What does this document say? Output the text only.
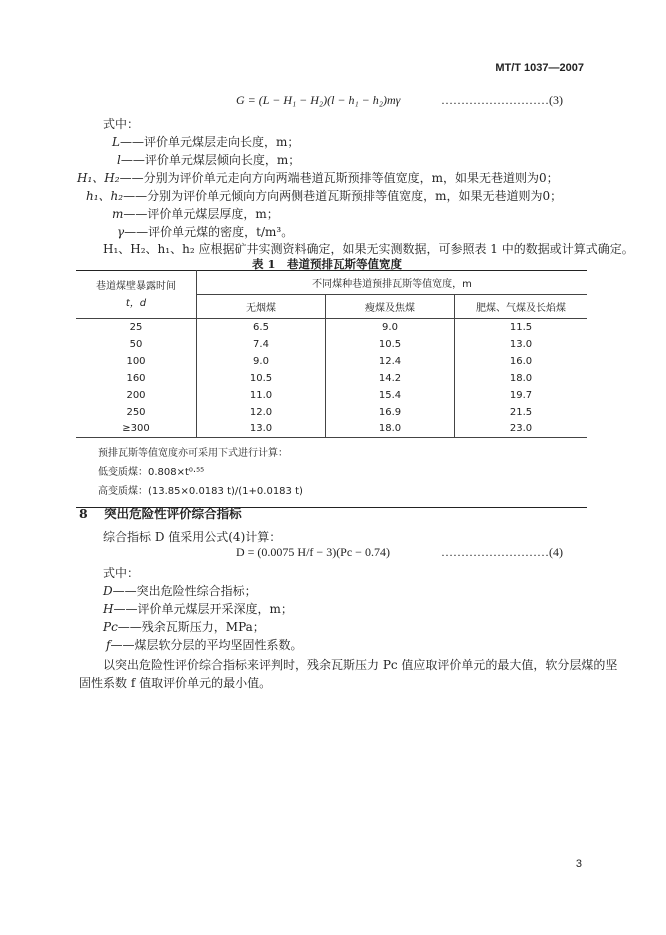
MT/T 1037—2007
G = (L − H₁ − H₂)(l − h₁ − h₂)mγ	………………………(3)
式中：
L——评价单元煤层走向长度，m；
l——评价单元煤层倾向长度，m；
H₁、H₂——分别为评价单元走向方向两端巷道瓦斯预排等值宽度，m，如果无巷道则为0；
h₁、h₂——分别为评价单元倾向方向两侧巷道瓦斯预排等值宽度，m，如果无巷道则为0；
m——评价单元煤层厚度，m；
γ——评价单元煤的密度，t/m³。
H₁、H₂、h₁、h₂ 应根据矿井实测资料确定，如果无实测数据，可参照表 1 中的数据或计算式确定。
表 1　巷道预排瓦斯等值宽度
巷道煤壁暴露时间
t，d	不同煤种巷道预排瓦斯等值宽度，m		
	无烟煤	瘦煤及焦煤	肥煤、气煤及长焰煤
25	6.5	9.0	11.5
50	7.4	10.5	13.0
100	9.0	12.4	16.0
160	10.5	14.2	18.0
200	11.0	15.4	19.7
250	12.0	16.9	21.5
≥300	13.0	18.0	23.0

预排瓦斯等值宽度亦可采用下式进行计算：
低变质煤：0.808×t⁰·⁵⁵
高变质煤：(13.85×0.0183 t)/(1+0.0183 t)			
8 突出危险性评价综合指标
综合指标 D 值采用公式(4)计算：
D = (0.0075 H/f − 3)(Pc − 0.74)	………………………(4)
式中：
D——突出危险性综合指标；
H——评价单元煤层开采深度，m；
Pc——残余瓦斯压力，MPa；
f——煤层软分层的平均坚固性系数。
以突出危险性评价综合指标来评判时，残余瓦斯压力 Pc 值应取评价单元的最大值，软分层煤的坚
固性系数 f 值取评价单元的最小值。
3
